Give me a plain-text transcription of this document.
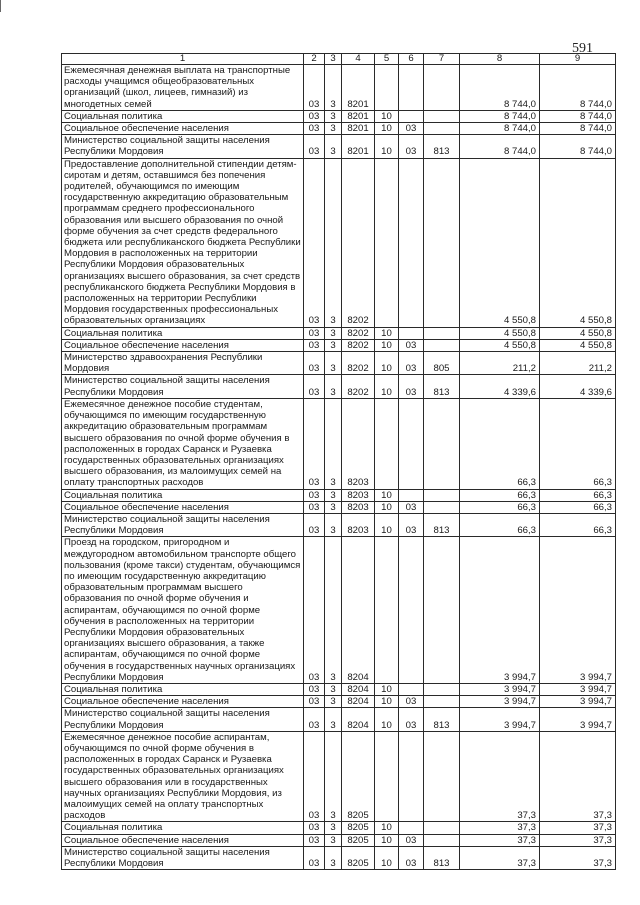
591
1	2	3	4	5	6	7	8	9
Ежемесячная денежная выплата на транспортные расходы учащимся общеобразовательных организаций (школ, лицеев, гимназий) из многодетных семей	03	3	8201				8 744,0	8 744,0
Социальная политика	03	3	8201	10			8 744,0	8 744,0
Социальное обеспечение населения	03	3	8201	10	03		8 744,0	8 744,0
Министерство социальной защиты населения Республики Мордовия	03	3	8201	10	03	813	8 744,0	8 744,0
Предоставление дополнительной стипендии детям-сиротам и детям, оставшимся без попечения родителей, обучающимся по имеющим государственную аккредитацию образовательным программам среднего профессионального образования или высшего образования по очной форме обучения за счет средств федерального бюджета или республиканского бюджета Республики Мордовия в расположенных на территории Республики Мордовия образовательных организациях высшего образования, за счет средств республиканского бюджета Республики Мордовия в расположенных на территории Республики Мордовия государственных профессиональных образовательных организациях	03	3	8202				4 550,8	4 550,8
Социальная политика	03	3	8202	10			4 550,8	4 550,8
Социальное обеспечение населения	03	3	8202	10	03		4 550,8	4 550,8
Министерство здравоохранения Республики Мордовия	03	3	8202	10	03	805	211,2	211,2
Министерство социальной защиты населения Республики Мордовия	03	3	8202	10	03	813	4 339,6	4 339,6
Ежемесячное денежное пособие студентам, обучающимся по имеющим государственную аккредитацию образовательным программам высшего образования по очной форме обучения в расположенных в городах Саранск и Рузаевка государственных образовательных организациях высшего образования, из малоимущих семей на оплату транспортных расходов	03	3	8203				66,3	66,3
Социальная политика	03	3	8203	10			66,3	66,3
Социальное обеспечение населения	03	3	8203	10	03		66,3	66,3
Министерство социальной защиты населения Республики Мордовия	03	3	8203	10	03	813	66,3	66,3
Проезд на городском, пригородном и междугородном автомобильном транспорте общего пользования (кроме такси) студентам, обучающимся по имеющим государственную аккредитацию образовательным программам высшего образования по очной форме обучения и аспирантам, обучающимся по очной форме обучения в расположенных на территории Республики Мордовия образовательных организациях высшего образования, а также аспирантам, обучающимся по очной форме обучения в государственных научных организациях Республики Мордовия	03	3	8204				3 994,7	3 994,7
Социальная политика	03	3	8204	10			3 994,7	3 994,7
Социальное обеспечение населения	03	3	8204	10	03		3 994,7	3 994,7
Министерство социальной защиты населения Республики Мордовия	03	3	8204	10	03	813	3 994,7	3 994,7
Ежемесячное денежное пособие аспирантам, обучающимся по очной форме обучения в расположенных в городах Саранск и Рузаевка государственных образовательных организациях высшего образования или в государственных научных организациях Республики Мордовия, из малоимущих семей на оплату транспортных расходов	03	3	8205				37,3	37,3
Социальная политика	03	3	8205	10			37,3	37,3
Социальное обеспечение населения	03	3	8205	10	03		37,3	37,3
Министерство социальной защиты населения Республики Мордовия	03	3	8205	10	03	813	37,3	37,3
